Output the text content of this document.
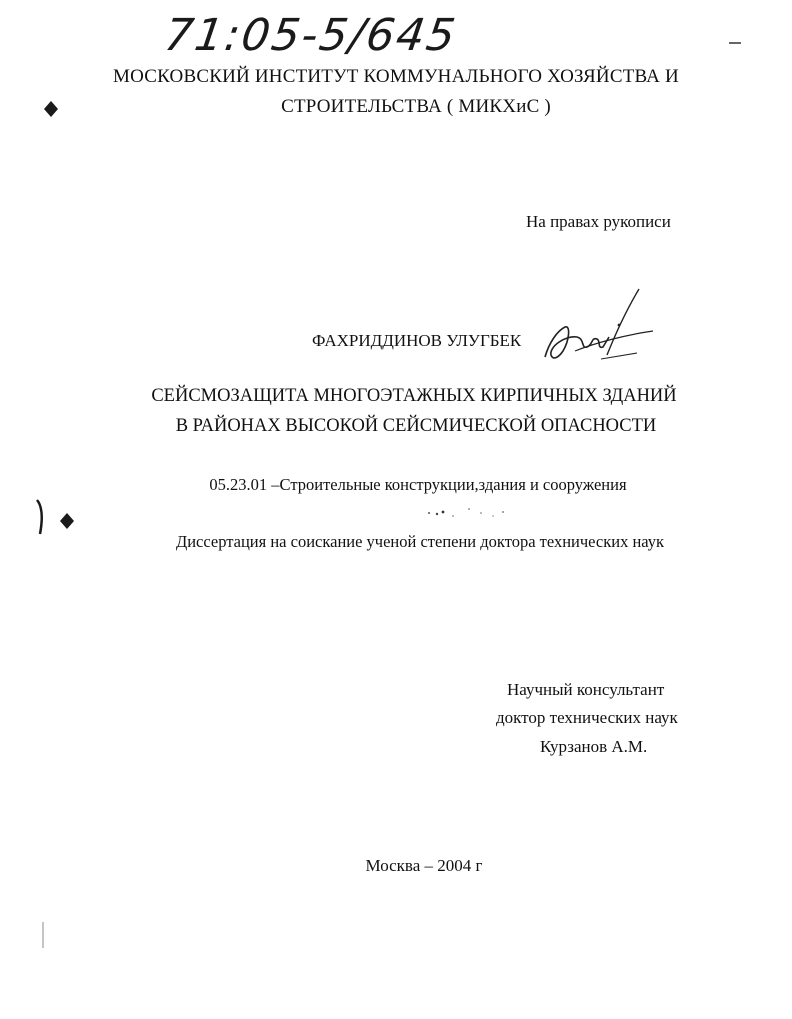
71:05-5/645
МОСКОВСКИЙ ИНСТИТУТ КОММУНАЛЬНОГО ХОЗЯЙСТВА И
СТРОИТЕЛЬСТВА ( МИКХиС )
На правах рукописи
ФАХРИДДИНОВ УЛУГБЕК
СЕЙСМОЗАЩИТА МНОГОЭТАЖНЫХ КИРПИЧНЫХ ЗДАНИЙ
В РАЙОНАХ ВЫСОКОЙ СЕЙСМИЧЕСКОЙ ОПАСНОСТИ
05.23.01 –Строительные конструкции,здания и сооружения
Диссертация на соискание ученой степени доктора технических наук
Научный консультант
доктор технических наук
Курзанов А.М.
Москва – 2004 г
